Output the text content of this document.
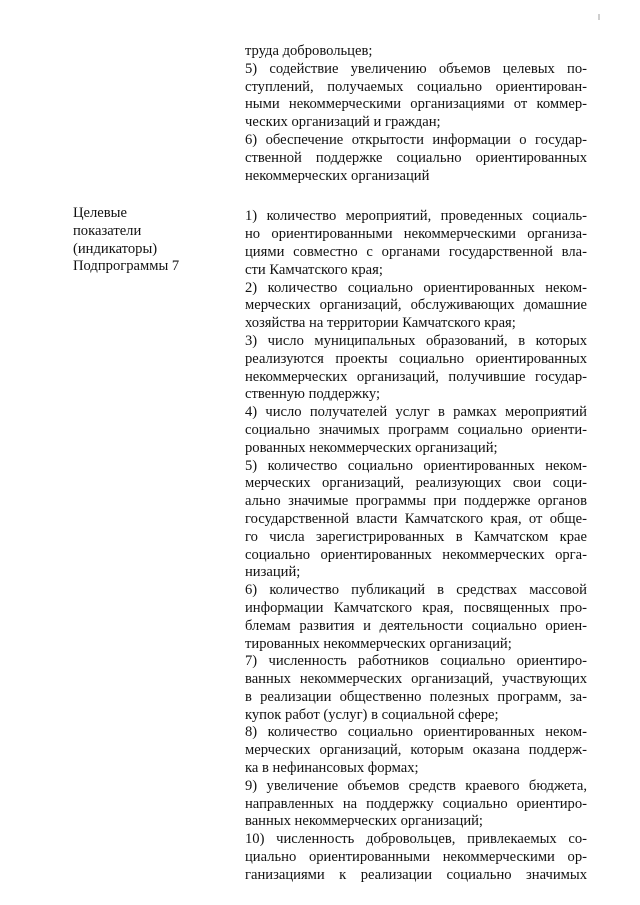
Целевые
показатели
(индикаторы)
Подпрограммы 7
труда добровольцев;
5) содействие увеличению объемов целевых по-
ступлений, получаемых социально ориентирован-
ными некоммерческими организациями от коммер-
ческих организаций и граждан;
6) обеспечение открытости информации о государ-
ственной поддержке социально ориентированных
некоммерческих организаций
1) количество мероприятий, проведенных социаль-
но ориентированными некоммерческими организа-
циями совместно с органами государственной вла-
сти Камчатского края;
2) количество социально ориентированных неком-
мерческих организаций, обслуживающих домашние
хозяйства на территории Камчатского края;
3) число муниципальных образований, в которых
реализуются проекты социально ориентированных
некоммерческих организаций, получившие государ-
ственную поддержку;
4) число получателей услуг в рамках мероприятий
социально значимых программ социально ориенти-
рованных некоммерческих организаций;
5) количество социально ориентированных неком-
мерческих организаций, реализующих свои соци-
ально значимые программы при поддержке органов
государственной власти Камчатского края, от обще-
го числа зарегистрированных в Камчатском крае
социально ориентированных некоммерческих орга-
низаций;
6) количество публикаций в средствах массовой
информации Камчатского края, посвященных про-
блемам развития и деятельности социально ориен-
тированных некоммерческих организаций;
7) численность работников социально ориентиро-
ванных некоммерческих организаций, участвующих
в реализации общественно полезных программ, за-
купок работ (услуг) в социальной сфере;
8) количество социально ориентированных неком-
мерческих организаций, которым оказана поддерж-
ка в нефинансовых формах;
9) увеличение объемов средств краевого бюджета,
направленных на поддержку социально ориентиро-
ванных некоммерческих организаций;
10) численность добровольцев, привлекаемых со-
циально ориентированными некоммерческими ор-
ганизациями к реализации социально значимых
